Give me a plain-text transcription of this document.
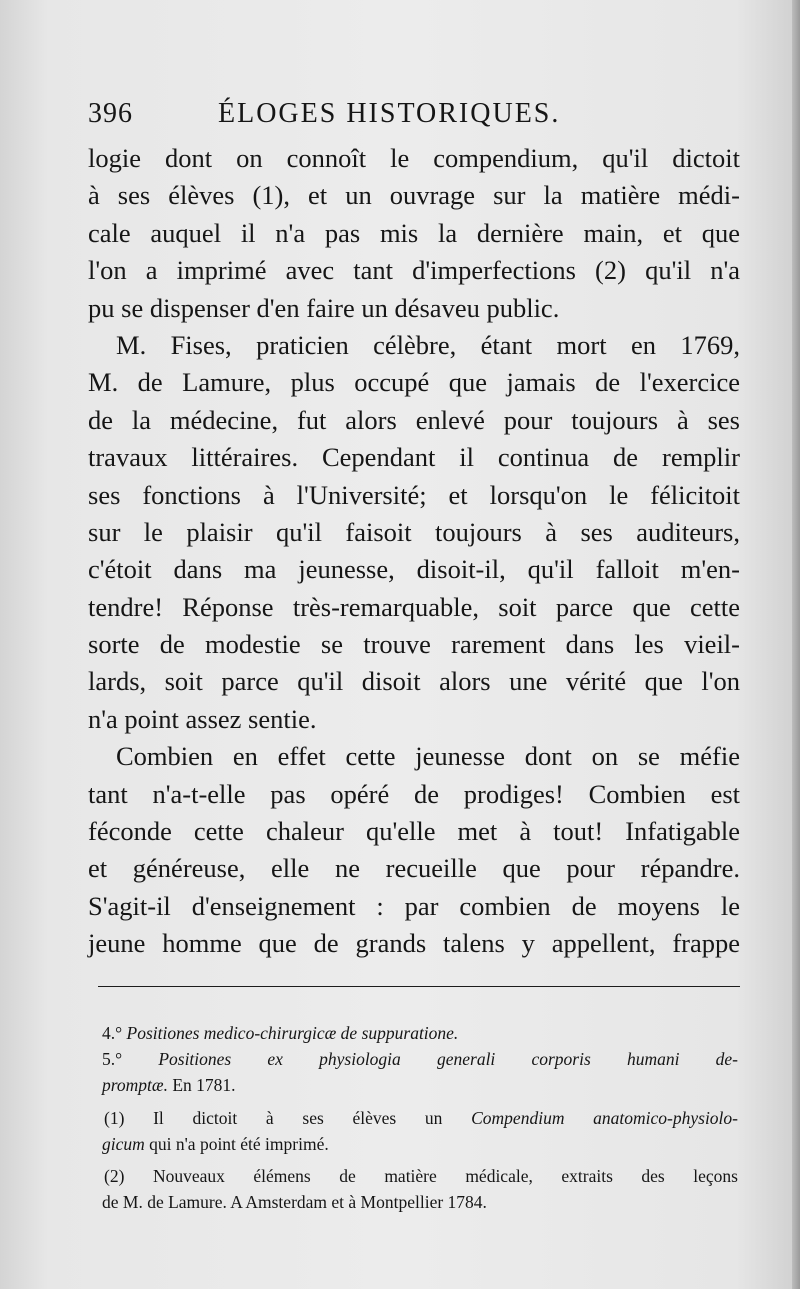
396	ÉLOGES HISTORIQUES.
logie dont on connoît le compendium, qu'il dictoit
à ses élèves (1), et un ouvrage sur la matière médi-
cale auquel il n'a pas mis la dernière main, et que
l'on a imprimé avec tant d'imperfections (2) qu'il n'a
pu se dispenser d'en faire un désaveu public.
M. Fises, praticien célèbre, étant mort en 1769,
M. de Lamure, plus occupé que jamais de l'exercice
de la médecine, fut alors enlevé pour toujours à ses
travaux littéraires. Cependant il continua de remplir
ses fonctions à l'Université; et lorsqu'on le félicitoit
sur le plaisir qu'il faisoit toujours à ses auditeurs,
c'étoit dans ma jeunesse, disoit-il, qu'il falloit m'en-
tendre! Réponse très-remarquable, soit parce que cette
sorte de modestie se trouve rarement dans les vieil-
lards, soit parce qu'il disoit alors une vérité que l'on
n'a point assez sentie.
Combien en effet cette jeunesse dont on se méfie
tant n'a-t-elle pas opéré de prodiges! Combien est
féconde cette chaleur qu'elle met à tout! Infatigable
et généreuse, elle ne recueille que pour répandre.
S'agit-il d'enseignement : par combien de moyens le
jeune homme que de grands talens y appellent, frappe
4.° Positiones medico-chirurgicæ de suppuratione.
5.° Positiones ex physiologia generali corporis humani de-
promptæ. En 1781.
(1) Il dictoit à ses élèves un Compendium anatomico-physiolo-
gicum qui n'a point été imprimé.
(2) Nouveaux élémens de matière médicale, extraits des leçons
de M. de Lamure. A Amsterdam et à Montpellier 1784.
